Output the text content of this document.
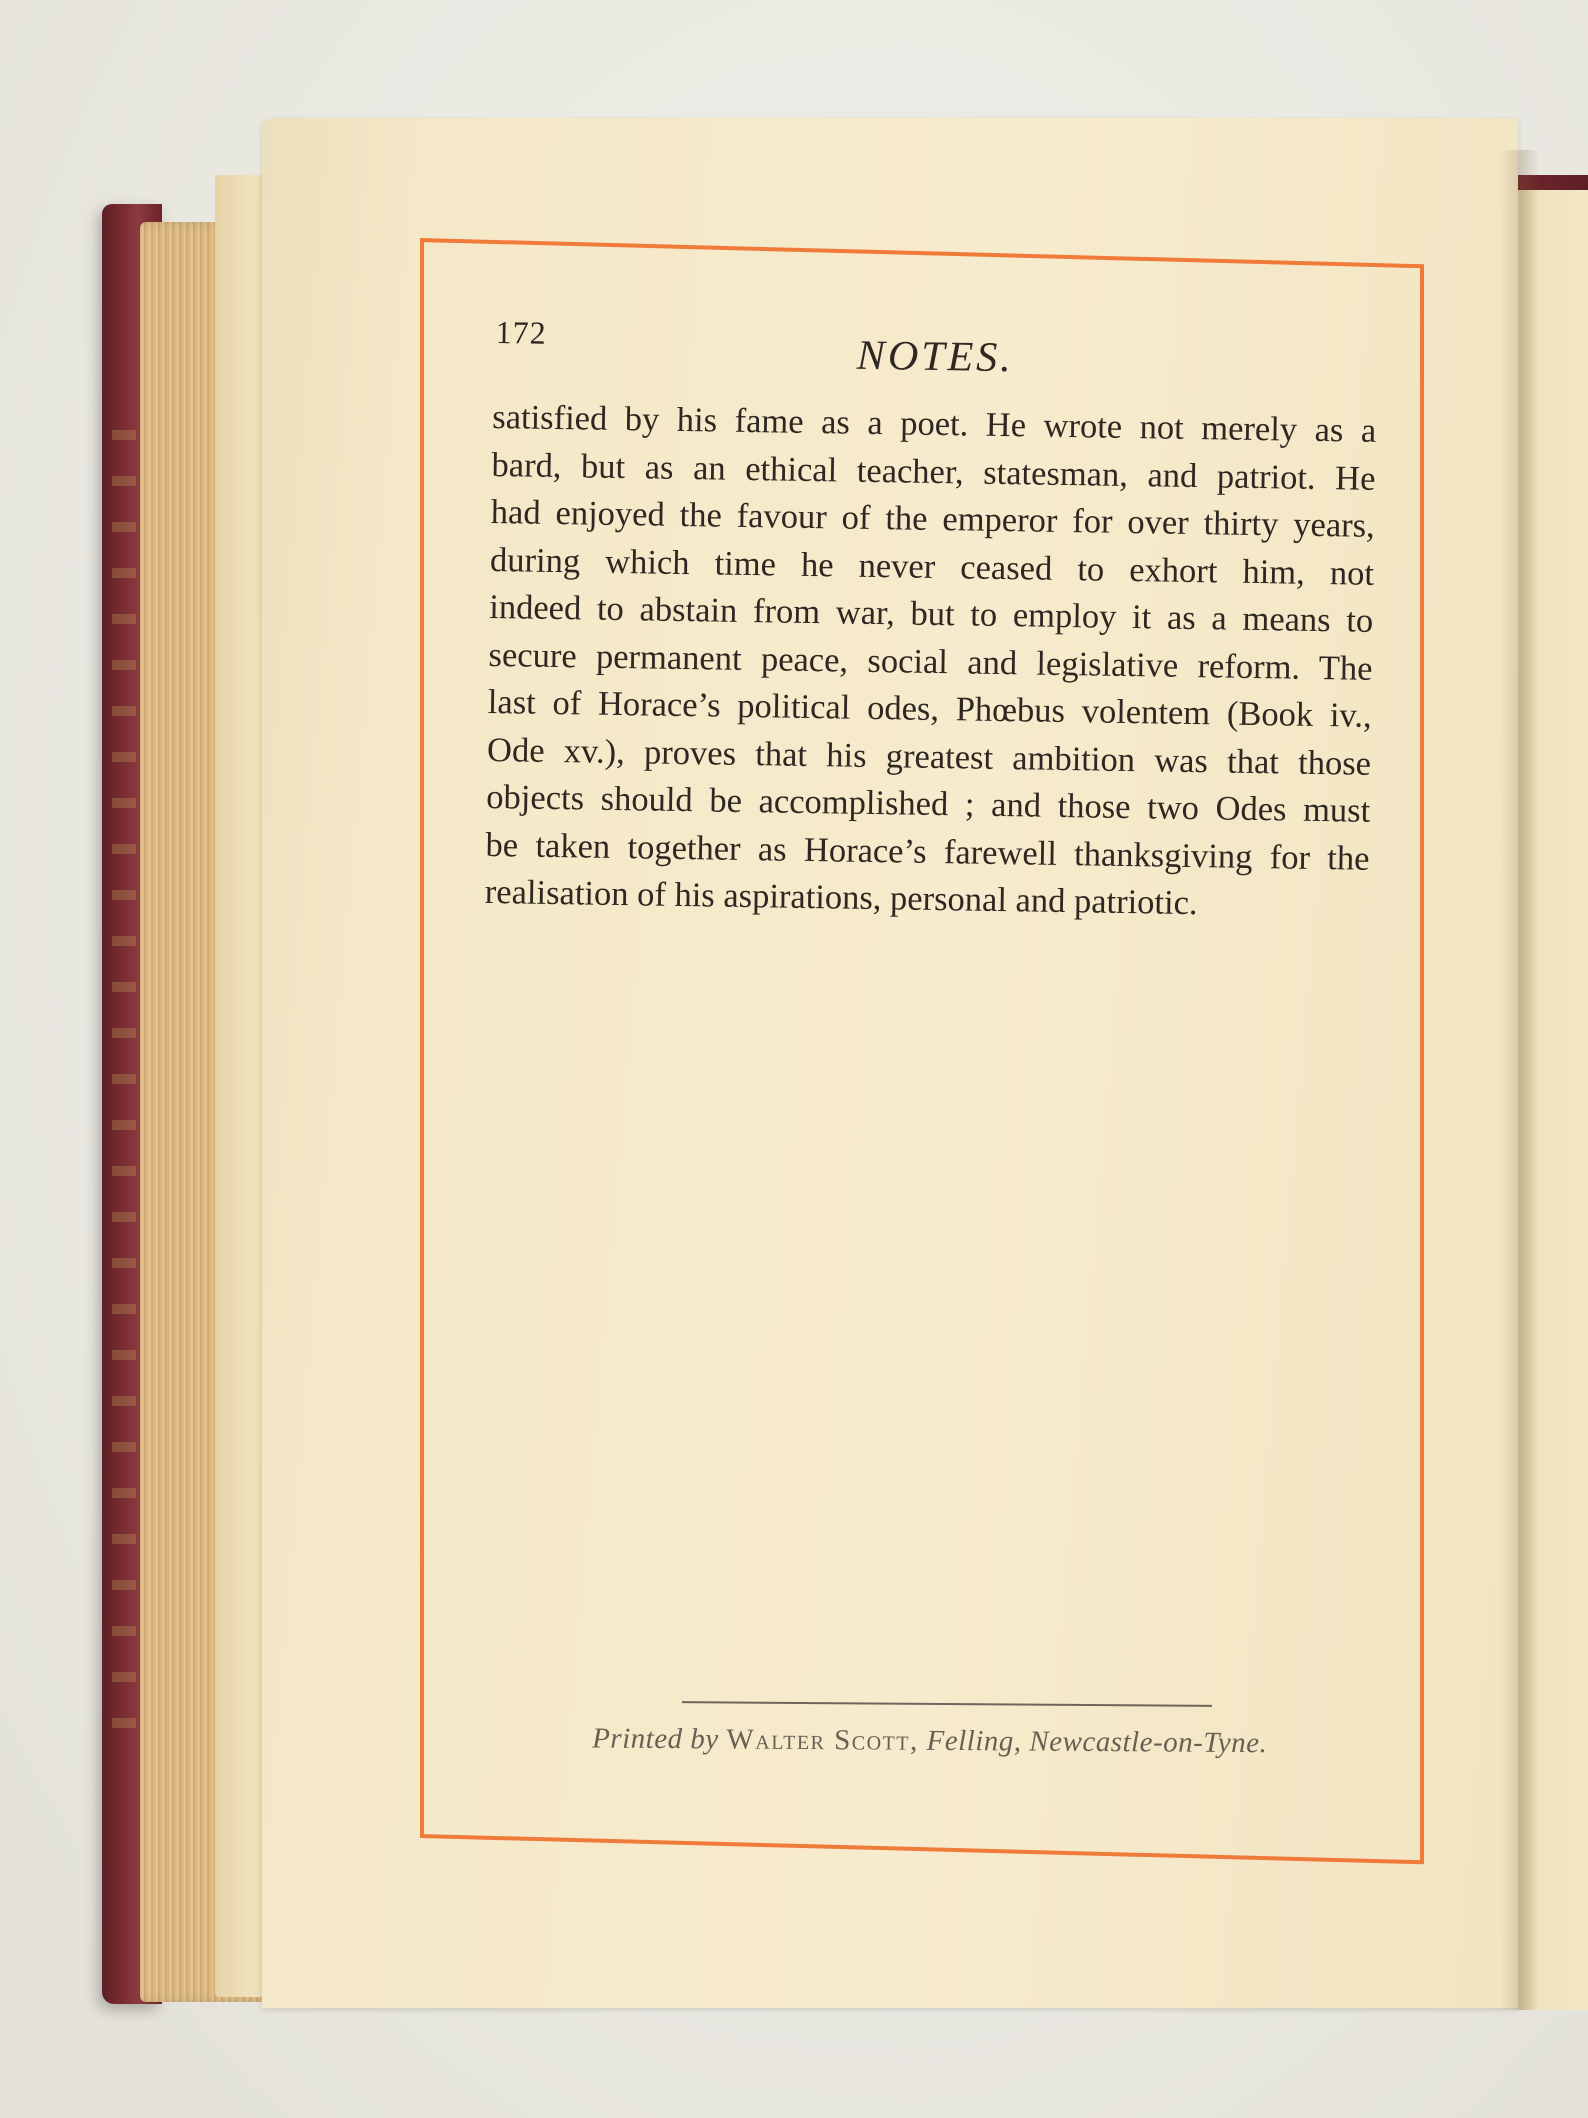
172
NOTES.

satisfied by his fame as a poet. He wrote not merely as a

bard, but as an ethical teacher, statesman, and patriot. He

had enjoyed the favour of the emperor for over thirty years,

during which time he never ceased to exhort him, not

indeed to abstain from war, but to employ it as a means to

secure permanent peace, social and legislative reform. The

last of Horace’s political odes, Phœbus volentem (Book iv.,

Ode xv.), proves that his greatest ambition was that those

objects should be accomplished ; and those two Odes must

be taken together as Horace’s farewell thanksgiving for the

realisation of his aspirations, personal and patriotic.

Printed by Walter Scott, Felling, Newcastle-on-Tyne.
